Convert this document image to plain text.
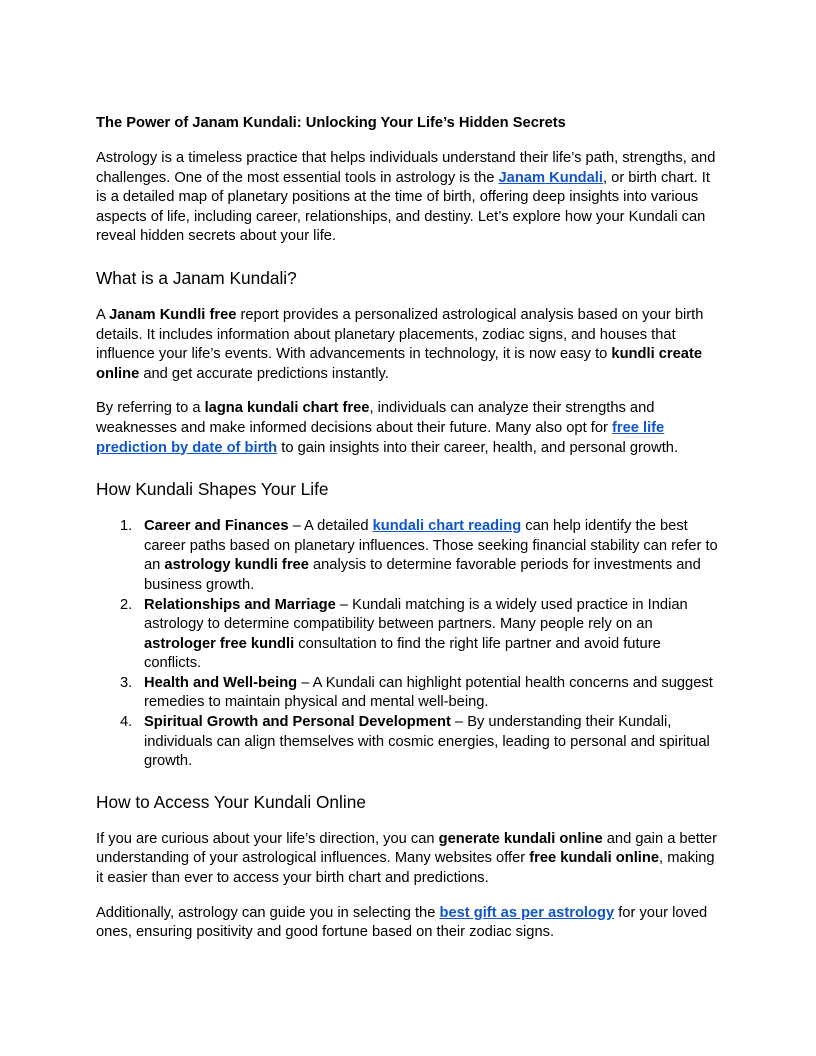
The Power of Janam Kundali: Unlocking Your Life’s Hidden Secrets

Astrology is a timeless practice that helps individuals understand their life’s path, strengths, and challenges. One of the most essential tools in astrology is the Janam Kundali, or birth chart. It is a detailed map of planetary positions at the time of birth, offering deep insights into various aspects of life, including career, relationships, and destiny. Let’s explore how your Kundali can reveal hidden secrets about your life.

What is a Janam Kundali?

A Janam Kundli free report provides a personalized astrological analysis based on your birth details. It includes information about planetary placements, zodiac signs, and houses that influence your life’s events. With advancements in technology, it is now easy to kundli create online and get accurate predictions instantly.

By referring to a lagna kundali chart free, individuals can analyze their strengths and weaknesses and make informed decisions about their future. Many also opt for free life prediction by date of birth to gain insights into their career, health, and personal growth.

How Kundali Shapes Your Life
1. Career and Finances – A detailed kundali chart reading can help identify the best career paths based on planetary influences. Those seeking financial stability can refer to an astrology kundli free analysis to determine favorable periods for investments and business growth.
2. Relationships and Marriage – Kundali matching is a widely used practice in Indian astrology to determine compatibility between partners. Many people rely on an astrologer free kundli consultation to find the right life partner and avoid future conflicts.
3. Health and Well-being – A Kundali can highlight potential health concerns and suggest remedies to maintain physical and mental well-being.
4. Spiritual Growth and Personal Development – By understanding their Kundali, individuals can align themselves with cosmic energies, leading to personal and spiritual growth.
How to Access Your Kundali Online

If you are curious about your life’s direction, you can generate kundali online and gain a better understanding of your astrological influences. Many websites offer free kundali online, making it easier than ever to access your birth chart and predictions.

Additionally, astrology can guide you in selecting the best gift as per astrology for your loved ones, ensuring positivity and good fortune based on their zodiac signs.
